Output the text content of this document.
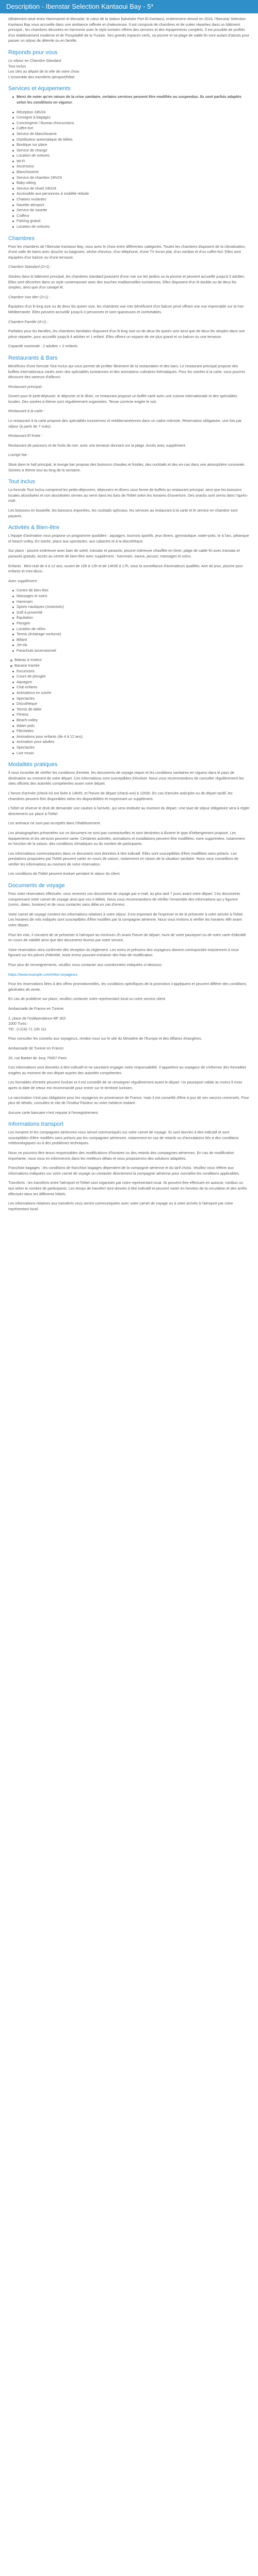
Description - Ibenstar Selection Kantaoui Bay - 5*

Idéalement situé entre Hammamet et Monastir, le cœur de la station balnéaire Port El Kantaoui, entièrement rénové en 2016, l'Ibenstar Selection Kantaoui Bay vous accueille dans une ambiance raffinée et chaleureuse. Il est composé de chambres et de suites réparties dans un bâtiment principal ; les chambres décorées en harmonie avec le style tunisien offrent des services et des équipements complets. Il est possible de profiter d'un établissement moderne et de l'hospitalité de la Tunisie. Ses grands espaces verts, sa piscine et sa plage de sable fin sont autant d'atouts pour passer un séjour de détente ou en famille.

Réponds pour vous
Le séjour en Chambre Standard
Tout inclus
Les clés au départ de la ville de votre choix
L'ensemble des transferts aéroport/hôtel
Services et équipements
Merci de noter qu'en raison de la crise sanitaire, certains services peuvent être modifiés ou suspendus. Ils sont parfois adaptés selon les conditions en vigueur.
Réception 24h/24
Consigne à bagages
Conciergerie / Bureau d'excursions
Coffre-fort
Service de blanchisserie
Distributeur automatique de billets
Boutique sur place
Service de change
Location de voitures
Wi-Fi
Ascenseur
Blanchisserie
Service de chambre 24h/24
Baby-sitting
Service de réveil 24h/24
Accessible aux personnes à mobilité réduite
Chaises roulantes
Navette aéroport
Service de navette
Coiffeur
Parking gratuit
Location de voitures
Chambres

Pour les chambres de l'Ibenstar Kantaoui Bay, vous avez le choix entre différentes catégories. Toutes les chambres disposent de la climatisation, d'une salle de bains avec douche ou baignoire, sèche-cheveux, d'un téléphone, d'une TV écran plat, d'un minibar et d'un coffre-fort. Elles sont équipées d'un balcon ou d'une terrasse.

Chambre Standard (2+1) :

Situées dans le bâtiment principal, les chambres standard jouissent d'une vue sur les jardins ou la piscine et peuvent accueillir jusqu'à 3 adultes. Elles sont décorées dans un style contemporain avec des touches traditionnelles tunisiennes. Elles disposent d'un lit double ou de deux lits simples, ainsi que d'un canapé-lit.

Chambre Vue Mer (2+1) :

Équipées d'un lit king size ou de deux lits queen size, les chambres vue mer bénéficient d'un balcon privé offrant une vue imprenable sur la mer Méditerranée. Elles peuvent accueillir jusqu'à 3 personnes et sont spacieuses et confortables.

Chambre Famille (4+1) :

Parfaites pour les familles, les chambres familiales disposent d'un lit king size ou de deux lits queen size ainsi que de deux lits simples dans une pièce séparée, pour accueillir jusqu'à 4 adultes et 1 enfant. Elles offrent un espace de vie plus grand et un balcon ou une terrasse.

Capacité maximale : 2 adultes + 2 enfants

Restaurants & Bars

Bénéficiez d'une formule Tout Inclus qui vous permet de profiter librement de la restauration et des bars. Le restaurant principal propose des buffets internationaux variés avec des spécialités tunisiennes et des animations culinaires thématiques. Pour les soirées à la carte, vous pourrez découvrir des saveurs d'ailleurs.

Restaurant principal :

Ouvert pour le petit-déjeuner, le déjeuner et le dîner, ce restaurant propose un buffet varié avec une cuisine internationale et des spécialités locales. Des soirées à thème sont régulièrement organisées. Tenue correcte exigée le soir.

Restaurant à la carte :

Le restaurant à la carte propose des spécialités tunisiennes et méditerranéennes dans un cadre intimiste. Réservation obligatoire, une fois par séjour (à partir de 7 nuits).

Restaurant El Kebir :

Restaurant de poissons et de fruits de mer, avec une terrasse donnant sur la plage. Accès avec supplément.

Lounge bar :

Situé dans le hall principal, le lounge bar propose des boissons chaudes et froides, des cocktails et des en-cas dans une atmosphère conviviale. Soirées à thème tout au long de la semaine.

Tout inclus

La formule Tout Inclus comprend les petits-déjeuners, déjeuners et dîners sous forme de buffets au restaurant principal, ainsi que les boissons locales alcoolisées et non alcoolisées servies au verre dans les bars de l'hôtel selon les horaires d'ouverture. Des snacks sont servis dans l'après-midi.

Les boissons en bouteille, les boissons importées, les cocktails spéciaux, les services au restaurant à la carte et le service en chambre sont payants.

Activités & Bien-être

L'équipe d'animation vous propose un programme quotidien : aquagym, tournois sportifs, jeux divers, gymnastique, water-polo, tir à l'arc, pétanque et beach-volley. En soirée, place aux spectacles, aux cabarets et à la discothèque.

Sur place : piscine extérieure avec bain de soleil, transats et parasols, piscine intérieure chauffée en hiver, plage de sable fin avec transats et parasols gratuits. Accès au centre de bien-être avec supplément : hammam, sauna, jacuzzi, massages et soins.

Enfants : Mini-club de 4 à 12 ans, ouvert de 10h à 12h et de 14h30 à 17h, sous la surveillance d'animateurs qualifiés. Aire de jeux, piscine pour enfants et mini-disco.

Avec supplément :

Centre de bien-être
Massages et soins
Hammam
Sports nautiques (motorisés)
Golf à proximité
Équitation
Plongée
Location de vélos
Tennis (éclairage nocturne)
Billard
Jet-ski
Parachute ascensionnel
Bateau à moteur
Banane tractée
Excursions
Cours de plongée
Aquagym
Club enfants
Animations en soirée
Spectacles
Discothèque
Tennis de table
Fitness
Beach-volley
Water-polo
Fléchettes
Animations pour enfants (de 4 à 12 ans)
Animation pour adultes
Spectacles
Live music
Modalités pratiques

Il vous incombe de vérifier les conditions d'entrée, les documents de voyage requis et les conditions sanitaires en vigueur dans le pays de destination au moment de votre départ. Ces informations sont susceptibles d'évoluer. Nous vous recommandons de consulter régulièrement les sites officiels des autorités compétentes avant votre départ.

L'heure d'arrivée (check-in) est fixée à 14h00, et l'heure de départ (check-out) à 12h00. En cas d'arrivée anticipée ou de départ tardif, les chambres peuvent être disponibles selon les disponibilités et moyennant un supplément.

L'hôtel se réserve le droit de demander une caution à l'arrivée, qui sera restituée au moment du départ. Une taxe de séjour obligatoire sera à régler directement sur place à l'hôtel.

Les animaux ne sont pas acceptés dans l'établissement.

Les photographies présentées sur ce document ne sont pas contractuelles et sont destinées à illustrer le type d'hébergement proposé. Les équipements et les services peuvent varier. Certaines activités, animations et installations peuvent être modifiées, voire supprimées, notamment en fonction de la saison, des conditions climatiques ou du nombre de participants.

Les informations communiquées dans ce document sont données à titre indicatif. Elles sont susceptibles d'être modifiées sans préavis. Les prestations proposées par l'hôtel peuvent varier en cours de saison, notamment en raison de la situation sanitaire. Nous vous conseillons de vérifier les informations au moment de votre réservation.

Les conditions de l'hôtel peuvent évoluer pendant le séjour du client.

Documents de voyage

Pour votre réservation effectuée, vous recevrez vos documents de voyage par e-mail, au plus tard 7 jours avant votre départ. Ces documents comprennent votre carnet de voyage ainsi que vos e-billets. Nous vous recommandons de vérifier l'ensemble des informations qui y figurent (noms, dates, horaires) et de nous contacter sans délai en cas d'erreur.

Votre carnet de voyage contient les informations relatives à votre séjour. Il est important de l'imprimer et de le présenter à votre arrivée à l'hôtel. Les horaires de vols indiqués sont susceptibles d'être modifiés par la compagnie aérienne. Nous vous invitons à vérifier les horaires 48h avant votre départ.

Pour les vols, il convient de se présenter à l'aéroport au minimum 2h avant l'heure de départ, muni de votre passeport ou de votre carte d'identité en cours de validité ainsi que des documents fournis par notre service.

Votre réservation sera confirmée dès réception du règlement. Les noms et prénoms des voyageurs doivent correspondre exactement à ceux figurant sur les pièces d'identité, toute erreur pouvant entraîner des frais de modification.

Pour plus de renseignements, veuillez nous contacter aux coordonnées indiquées ci-dessous.

https://www.example.com/infos-voyageurs

Pour les réservations liées à des offres promotionnelles, les conditions spécifiques de la promotion s'appliquent et peuvent différer des conditions générales de vente.

En cas de problème sur place, veuillez contacter notre représentant local ou notre service client.

Ambassade de France en Tunisie

2, place de l'Indépendance BP 303
1000 Tunis
Tél : (+216) 71 105 111

Pour consulter les conseils aux voyageurs, rendez-vous sur le site du Ministère de l'Europe et des Affaires étrangères.

Ambassade de Tunisie en France

25, rue Barbet de Jouy 75007 Paris

Ces informations sont données à titre indicatif et ne sauraient engager notre responsabilité. Il appartient au voyageur de s'informer des formalités exigées au moment de son départ auprès des autorités compétentes.

Les formalités d'entrée peuvent évoluer et il est conseillé de se renseigner régulièrement avant le départ. Un passeport valide au moins 6 mois après la date de retour est recommandé pour entrer sur le territoire tunisien.

La vaccination n'est pas obligatoire pour les voyageurs en provenance de France, mais il est conseillé d'être à jour de ses vaccins universels. Pour plus de détails, consultez le site de l'Institut Pasteur ou votre médecin traitant.

Aucune carte bancaire n'est requise à l'enregistrement.

Informations transport

Les horaires et les compagnies aériennes vous seront communiqués sur votre carnet de voyage. Ils sont donnés à titre indicatif et sont susceptibles d'être modifiés sans préavis par les compagnies aériennes, notamment en cas de retards ou d'annulations liés à des conditions météorologiques ou à des problèmes techniques.

Nous ne pouvons être tenus responsables des modifications d'horaires ou des retards des compagnies aériennes. En cas de modification importante, nous vous en informerons dans les meilleurs délais et vous proposerons des solutions adaptées.

Franchise bagages : les conditions de franchise bagages dépendent de la compagnie aérienne et du tarif choisi. Veuillez vous référer aux informations indiquées sur votre carnet de voyage ou contacter directement la compagnie aérienne pour connaître les conditions applicables.

Transferts : les transferts entre l'aéroport et l'hôtel sont organisés par notre représentant local. Ils peuvent être effectués en autocar, minibus ou taxi selon le nombre de participants. Les temps de transfert sont donnés à titre indicatif et peuvent varier en fonction de la circulation et des arrêts effectués dans les différents hôtels.

Les informations relatives aux transferts vous seront communiquées avec votre carnet de voyage ou à votre arrivée à l'aéroport par notre représentant local.
